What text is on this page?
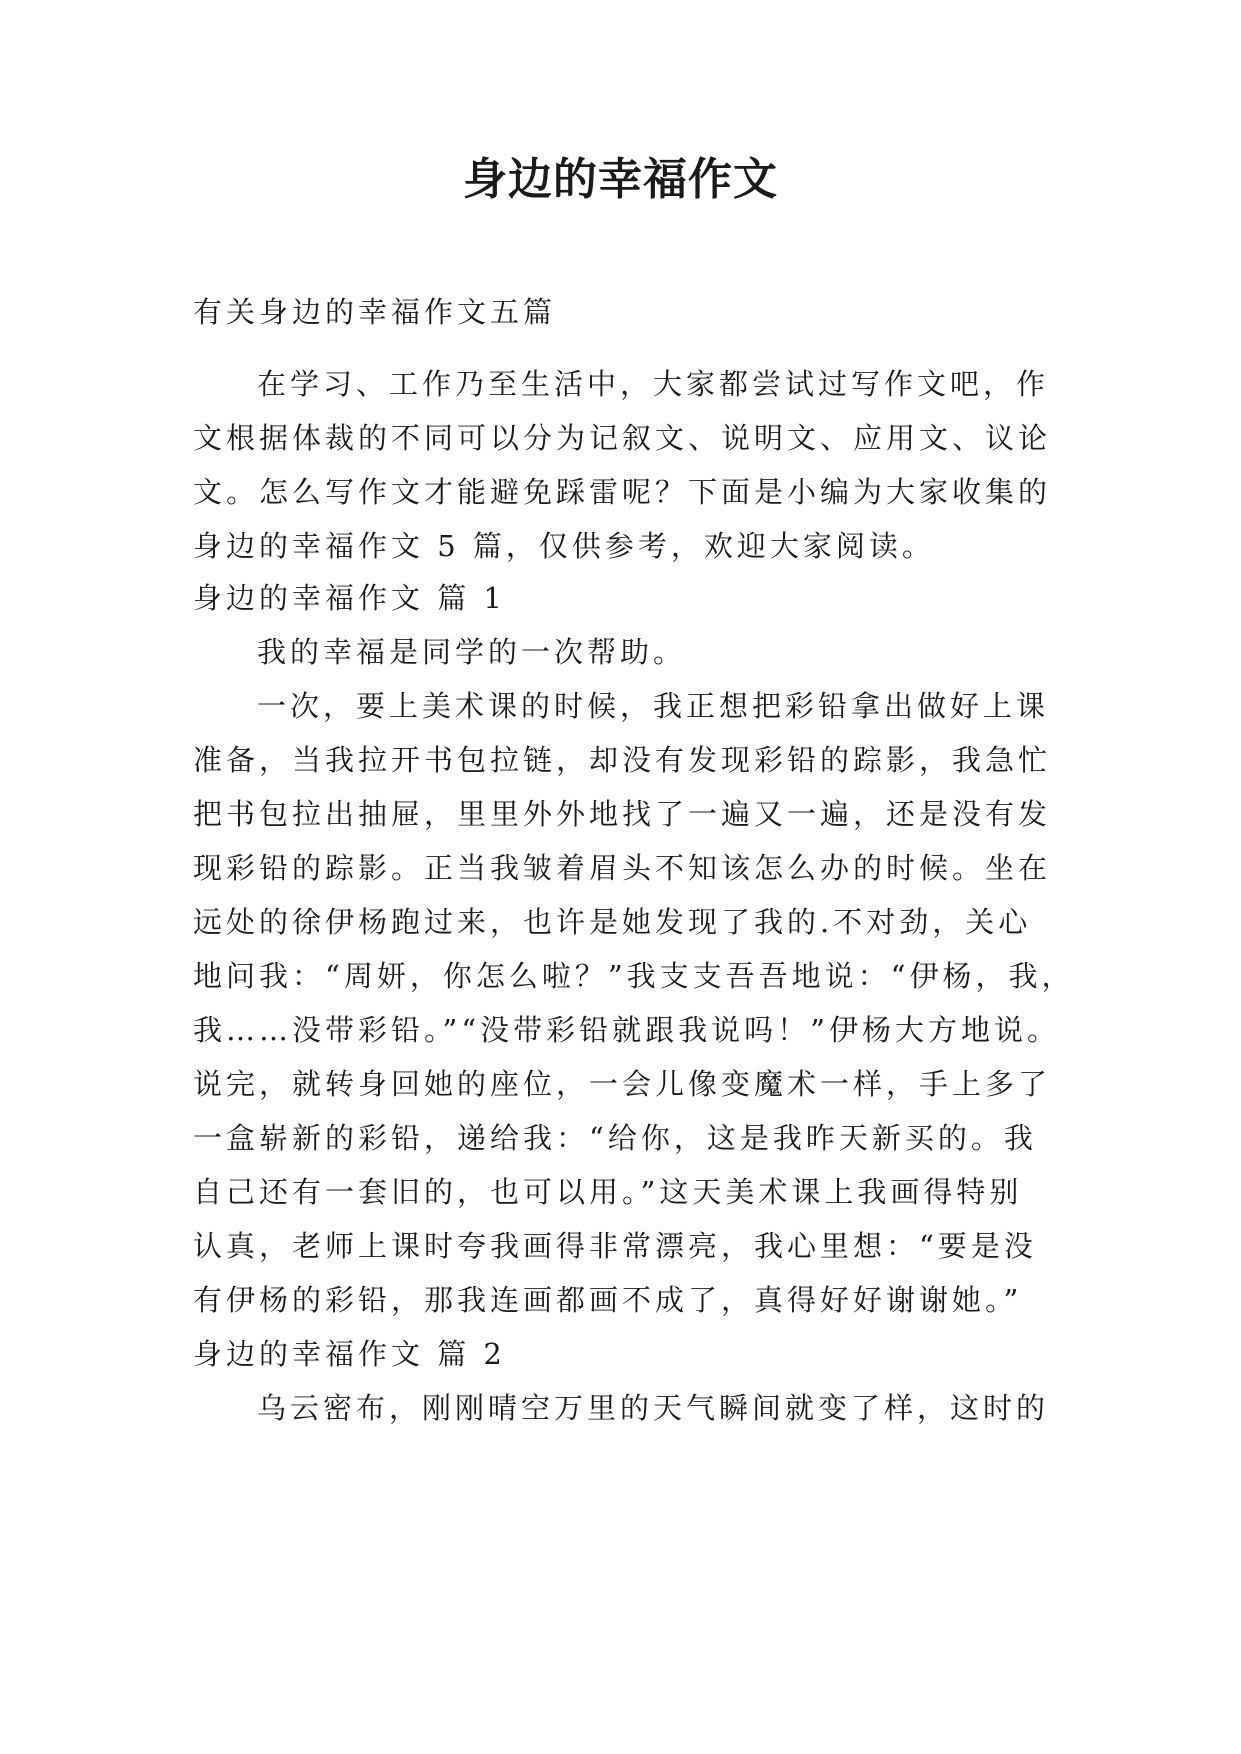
身边的幸福作文
有关身边的幸福作文五篇
在学习、工作乃至生活中，大家都尝试过写作文吧，作
文根据体裁的不同可以分为记叙文、说明文、应用文、议论
文。怎么写作文才能避免踩雷呢？下面是小编为大家收集的
身边的幸福作文 5 篇，仅供参考，欢迎大家阅读。
身边的幸福作文 篇 1
我的幸福是同学的一次帮助。
一次，要上美术课的时候，我正想把彩铅拿出做好上课
准备，当我拉开书包拉链，却没有发现彩铅的踪影，我急忙
把书包拉出抽屉，里里外外地找了一遍又一遍，还是没有发
现彩铅的踪影。正当我皱着眉头不知该怎么办的时候。坐在
远处的徐伊杨跑过来，也许是她发现了我的.不对劲，关心
地问我：“周妍，你怎么啦？”我支支吾吾地说：“伊杨，我，
我……没带彩铅。”“没带彩铅就跟我说吗！”伊杨大方地说。
说完，就转身回她的座位，一会儿像变魔术一样，手上多了
一盒崭新的彩铅，递给我：“给你，这是我昨天新买的。我
自己还有一套旧的，也可以用。”这天美术课上我画得特别
认真，老师上课时夸我画得非常漂亮，我心里想：“要是没
有伊杨的彩铅，那我连画都画不成了，真得好好谢谢她。”
身边的幸福作文 篇 2
乌云密布，刚刚晴空万里的天气瞬间就变了样，这时的
